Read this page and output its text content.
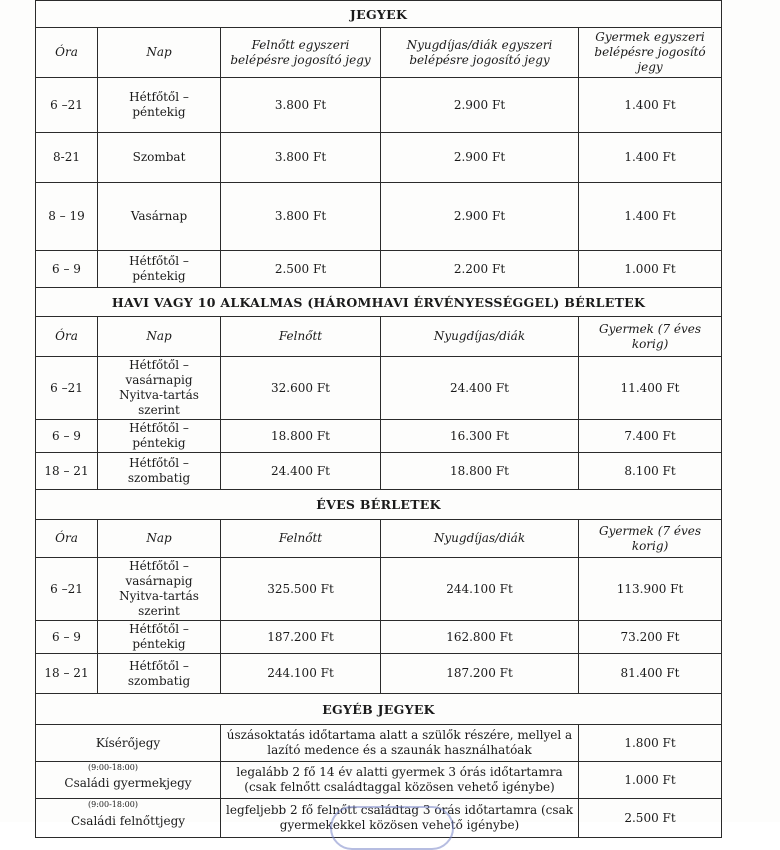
JEGYEK				
Óra	Nap	Felnőtt egyszeri belépésre jogosító jegy	Nyugdíjas/diák egyszeri belépésre jogosító jegy	Gyermek egyszeri belépésre jogosító jegy
6 –21	Hétfőtől – péntekig	3.800 Ft	2.900 Ft	1.400 Ft
8-21	Szombat	3.800 Ft	2.900 Ft	1.400 Ft
8 – 19	Vasárnap	3.800 Ft	2.900 Ft	1.400 Ft
6 – 9	Hétfőtől – péntekig	2.500 Ft	2.200 Ft	1.000 Ft
HAVI VAGY 10 ALKALMAS (HÁROMHAVI ÉRVÉNYESSÉGGEL) BÉRLETEK				
Óra	Nap	Felnőtt	Nyugdíjas/diák	Gyermek (7 éves korig)
6 –21	Hétfőtől – vasárnapig Nyitva-tartás szerint	32.600 Ft	24.400 Ft	11.400 Ft
6 – 9	Hétfőtől – péntekig	18.800 Ft	16.300 Ft	7.400 Ft
18 – 21	Hétfőtől – szombatig	24.400 Ft	18.800 Ft	8.100 Ft
ÉVES BÉRLETEK				
Óra	Nap	Felnőtt	Nyugdíjas/diák	Gyermek (7 éves korig)
6 –21	Hétfőtől – vasárnapig Nyitva-tartás szerint	325.500 Ft	244.100 Ft	113.900 Ft
6 – 9	Hétfőtől – péntekig	187.200 Ft	162.800 Ft	73.200 Ft
18 – 21	Hétfőtől – szombatig	244.100 Ft	187.200 Ft	81.400 Ft
EGYÉB JEGYEK				
Kísérőjegy		úszásoktatás időtartama alatt a szülők részére, mellyel a lazító medence és a szaunák használhatóak		1.800 Ft

(9:00-18:00)
Családi gyermekjegy		legalább 2 fő 14 év alatti gyermek 3 órás időtartamra (csak felnőtt családtaggal közösen vehető igénybe)		1.000 Ft

(9:00-18:00)
Családi felnőttjegy		legfeljebb 2 fő felnőtt családtag 3 órás időtartamra (csak gyermekekkel közösen vehető igénybe)		2.500 Ft
